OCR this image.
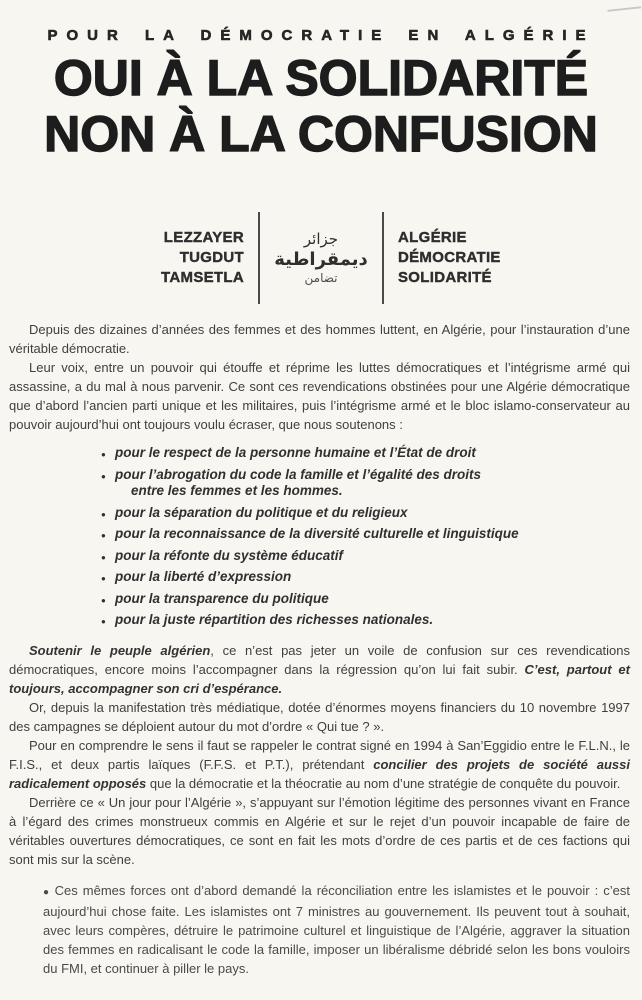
POUR LA DÉMOCRATIE EN ALGÉRIE
OUI À LA SOLIDARITÉ
NON À LA CONFUSION
LEZZAYER
TUGDUT
TAMSETLA
جزائر
ديمقراطية
تضامن
ALGÉRIE
DÉMOCRATIE
SOLIDARITÉ

Depuis des dizaines d’années des femmes et des hommes luttent, en Algérie, pour l’instauration d’une véritable démocratie.

Leur voix, entre un pouvoir qui étouffe et réprime les luttes démocratiques et l’intégrisme armé qui assassine, a du mal à nous parvenir. Ce sont ces revendications obstinées pour une Algérie démocratique que d’abord l’ancien parti unique et les militaires, puis l’intégrisme armé et le bloc islamo-conservateur au pouvoir aujourd’hui ont toujours voulu écraser, que nous soutenons :

● pour le respect de la personne humaine et l’État de droit
● pour l’abrogation du code la famille et l’égalité des droits
entre les femmes et les hommes.
● pour la séparation du politique et du religieux
● pour la reconnaissance de la diversité culturelle et linguistique
● pour la réfonte du système éducatif
● pour la liberté d’expression
● pour la transparence du politique
● pour la juste répartition des richesses nationales.

Soutenir le peuple algérien, ce n’est pas jeter un voile de confusion sur ces revendications démocratiques, encore moins l’accompagner dans la régression qu’on lui fait subir. C’est, partout et toujours, accompagner son cri d’espérance.

Or, depuis la manifestation très médiatique, dotée d’énormes moyens financiers du 10 novembre 1997 des campagnes se déploient autour du mot d’ordre « Qui tue ? ».

Pour en comprendre le sens il faut se rappeler le contrat signé en 1994 à San’Eggidio entre le F.L.N., le F.I.S., et deux partis laïques (F.F.S. et P.T.), prétendant concilier des projets de société aussi radicalement opposés que la démocratie et la théocratie au nom d’une stratégie de conquête du pouvoir.

Derrière ce « Un jour pour l’Algérie », s’appuyant sur l’émotion légitime des personnes vivant en France à l’égard des crimes monstrueux commis en Algérie et sur le rejet d’un pouvoir incapable de faire de véritables ouvertures démocratiques, ce sont en fait les mots d’ordre de ces partis et de ces factions qui sont mis sur la scène.

● Ces mêmes forces ont d’abord demandé la réconciliation entre les islamistes et le pouvoir : c’est aujourd’hui chose faite. Les islamistes ont 7 ministres au gouvernement. Ils peuvent tout à souhait, avec leurs compères, détruire le patrimoine culturel et linguistique de l’Algérie, aggraver la situation des femmes en radicalisant le code la famille, imposer un libéralisme débridé selon les bons vouloirs du FMI, et continuer à piller le pays.
